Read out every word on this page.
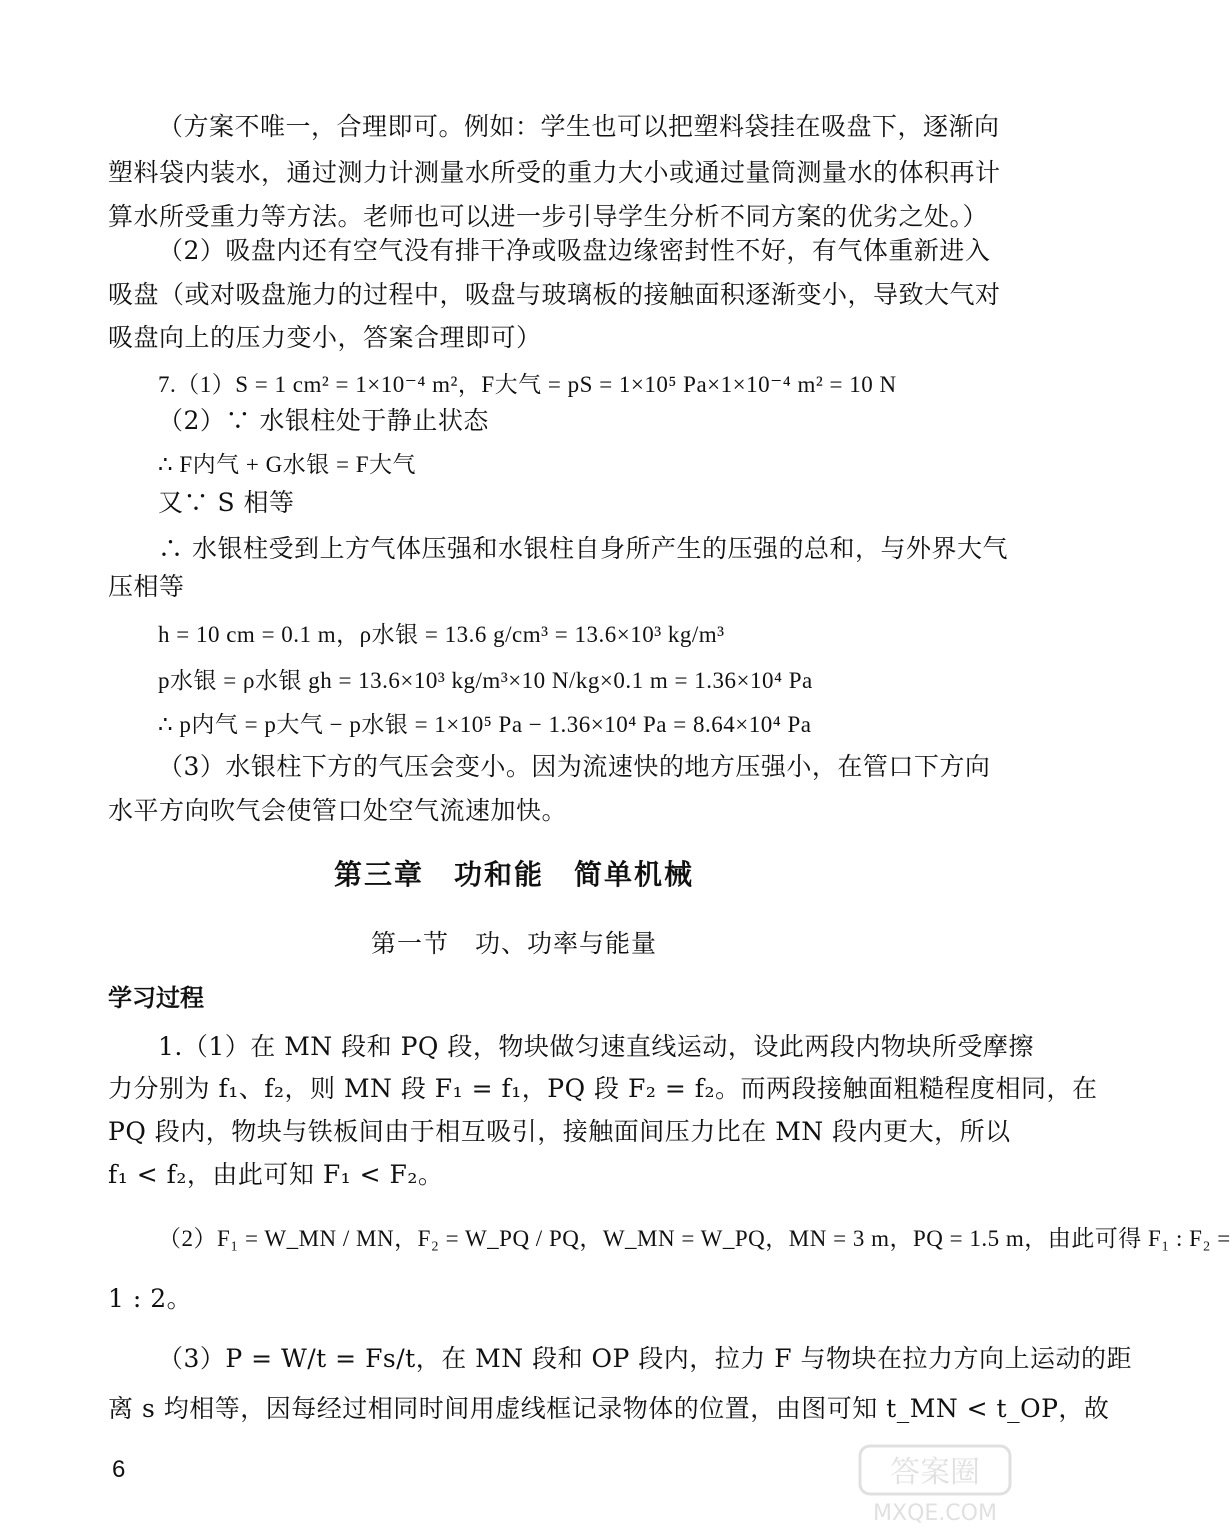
（方案不唯一，合理即可。例如：学生也可以把塑料袋挂在吸盘下，逐渐向
塑料袋内装水，通过测力计测量水所受的重力大小或通过量筒测量水的体积再计
算水所受重力等方法。老师也可以进一步引导学生分析不同方案的优劣之处。）
（2）吸盘内还有空气没有排干净或吸盘边缘密封性不好，有气体重新进入
吸盘（或对吸盘施力的过程中，吸盘与玻璃板的接触面积逐渐变小，导致大气对
吸盘向上的压力变小，答案合理即可）
7.（1）S = 1 cm² = 1×10⁻⁴ m²，F大气 = pS = 1×10⁵ Pa×1×10⁻⁴ m² = 10 N
（2）∵ 水银柱处于静止状态
∴ F内气 + G水银 = F大气
又∵ S 相等
∴ 水银柱受到上方气体压强和水银柱自身所产生的压强的总和，与外界大气
压相等
h = 10 cm = 0.1 m，ρ水银 = 13.6 g/cm³ = 13.6×10³ kg/m³
p水银 = ρ水银 gh = 13.6×10³ kg/m³×10 N/kg×0.1 m = 1.36×10⁴ Pa
∴ p内气 = p大气 − p水银 = 1×10⁵ Pa − 1.36×10⁴ Pa = 8.64×10⁴ Pa
（3）水银柱下方的气压会变小。因为流速快的地方压强小，在管口下方向
水平方向吹气会使管口处空气流速加快。
第三章　功和能　简单机械
第一节　功、功率与能量
学习过程
1.（1）在 MN 段和 PQ 段，物块做匀速直线运动，设此两段内物块所受摩擦
力分别为 f₁、f₂，则 MN 段 F₁ = f₁，PQ 段 F₂ = f₂。而两段接触面粗糙程度相同，在
PQ 段内，物块与铁板间由于相互吸引，接触面间压力比在 MN 段内更大，所以
f₁ < f₂，由此可知 F₁ < F₂。
（2）F₁ = W_MN / MN，F₂ = W_PQ / PQ，W_MN = W_PQ，MN = 3 m，PQ = 1.5 m，由此可得 F₁ : F₂ =
1 : 2。
（3）P = W/t = Fs/t，在 MN 段和 OP 段内，拉力 F 与物块在拉力方向上运动的距
离 s 均相等，因每经过相同时间用虚线框记录物体的位置，由图可知 t_MN < t_OP，故
6	答案圈
MXQE.COM
